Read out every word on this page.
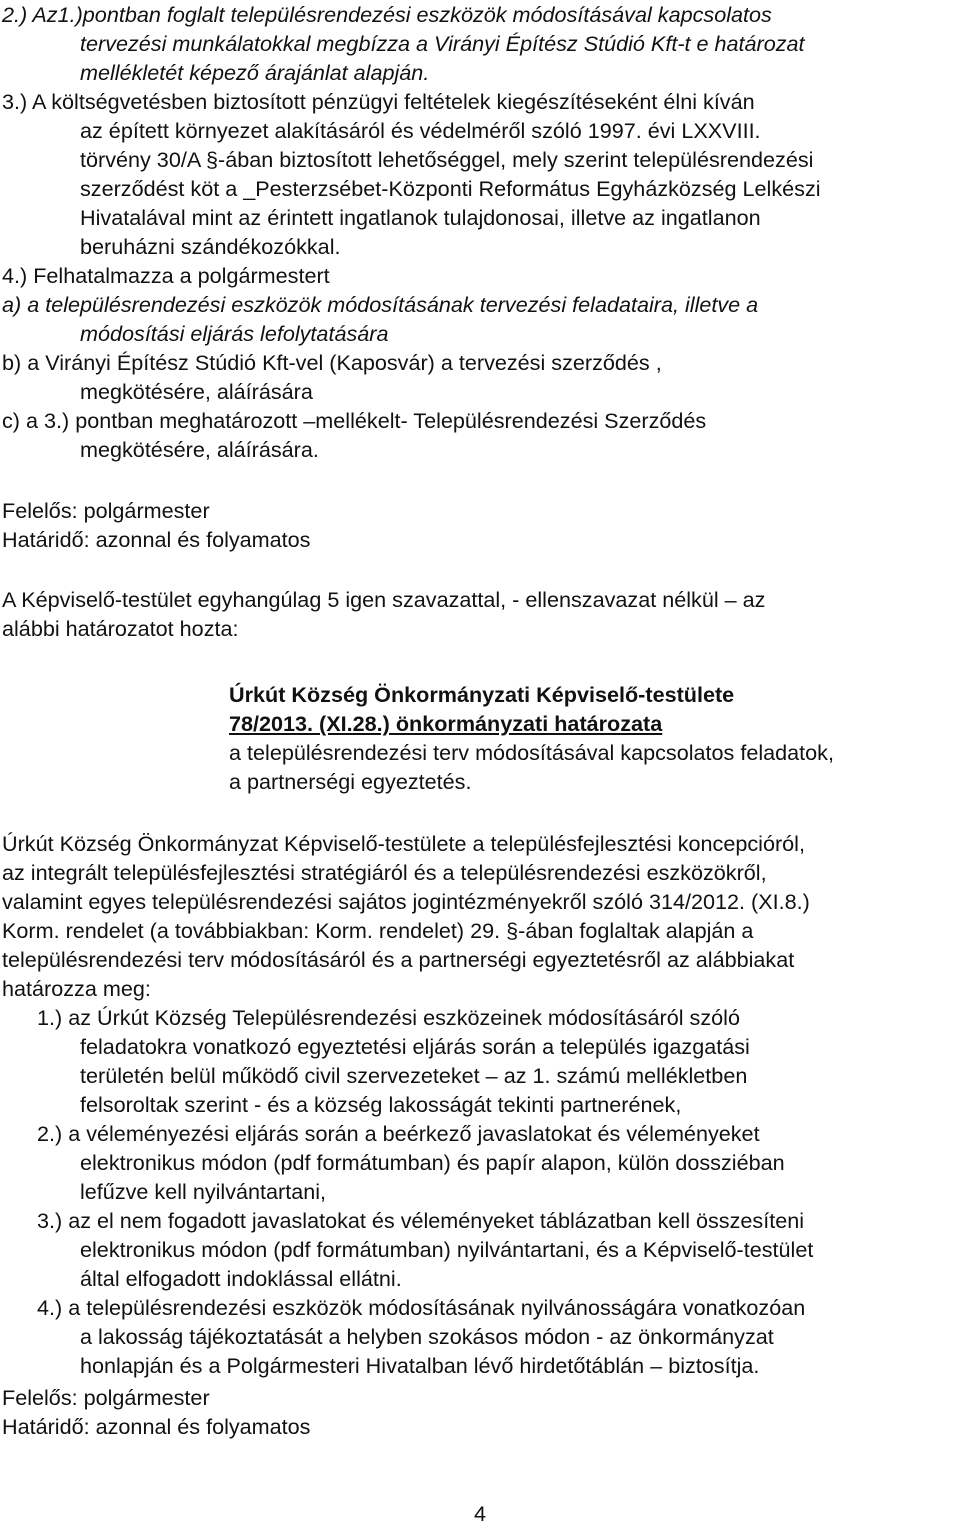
2.) Az1.)pontban foglalt településrendezési eszközök módosításával kapcsolatos
tervezési munkálatokkal megbízza a Virányi Építész Stúdió Kft-t e határozat
mellékletét képező árajánlat alapján.
3.) A költségvetésben biztosított pénzügyi feltételek kiegészítéseként élni kíván
az épített környezet alakításáról és védelméről szóló 1997. évi LXXVIII.
törvény 30/A §-ában biztosított lehetőséggel, mely szerint településrendezési
szerződést köt a _Pesterzsébet-Központi Református Egyházközség Lelkészi
Hivatalával mint az érintett ingatlanok tulajdonosai, illetve az ingatlanon
beruházni szándékozókkal.
4.) Felhatalmazza a polgármestert
a) a településrendezési eszközök módosításának tervezési feladataira, illetve a
módosítási eljárás lefolytatására
b) a Virányi Építész Stúdió Kft-vel (Kaposvár) a tervezési szerződés ,
megkötésére, aláírására
c) a 3.) pontban meghatározott –mellékelt- Településrendezési Szerződés
megkötésére, aláírására.
Felelős: polgármester
Határidő: azonnal és folyamatos
A Képviselő-testület egyhangúlag 5 igen szavazattal, - ellenszavazat nélkül – az
alábbi határozatot hozta:
Úrkút Község Önkormányzati Képviselő-testülete
78/2013. (XI.28.) önkormányzati határozata
a településrendezési terv módosításával kapcsolatos feladatok,
a partnerségi egyeztetés.
Úrkút Község Önkormányzat Képviselő-testülete a településfejlesztési koncepcióról,
az integrált településfejlesztési stratégiáról és a településrendezési eszközökről,
valamint egyes településrendezési sajátos jogintézményekről szóló 314/2012. (XI.8.)
Korm. rendelet (a továbbiakban: Korm. rendelet) 29. §-ában foglaltak alapján a
településrendezési terv módosításáról és a partnerségi egyeztetésről az alábbiakat
határozza meg:
1.) az Úrkút Község Településrendezési eszközeinek módosításáról szóló
feladatokra vonatkozó egyeztetési eljárás során a település igazgatási
területén belül működő civil szervezeteket – az 1. számú mellékletben
felsoroltak szerint - és a község lakosságát tekinti partnerének,
2.) a véleményezési eljárás során a beérkező javaslatokat és véleményeket
elektronikus módon (pdf formátumban) és papír alapon, külön dossziéban
lefűzve kell nyilvántartani,
3.) az el nem fogadott javaslatokat és véleményeket táblázatban kell összesíteni
elektronikus módon (pdf formátumban) nyilvántartani, és a Képviselő-testület
által elfogadott indoklással ellátni.
4.) a településrendezési eszközök módosításának nyilvánosságára vonatkozóan
a lakosság tájékoztatását a helyben szokásos módon - az önkormányzat
honlapján és a Polgármesteri Hivatalban lévő hirdetőtáblán – biztosítja.
Felelős: polgármester
Határidő: azonnal és folyamatos
4
